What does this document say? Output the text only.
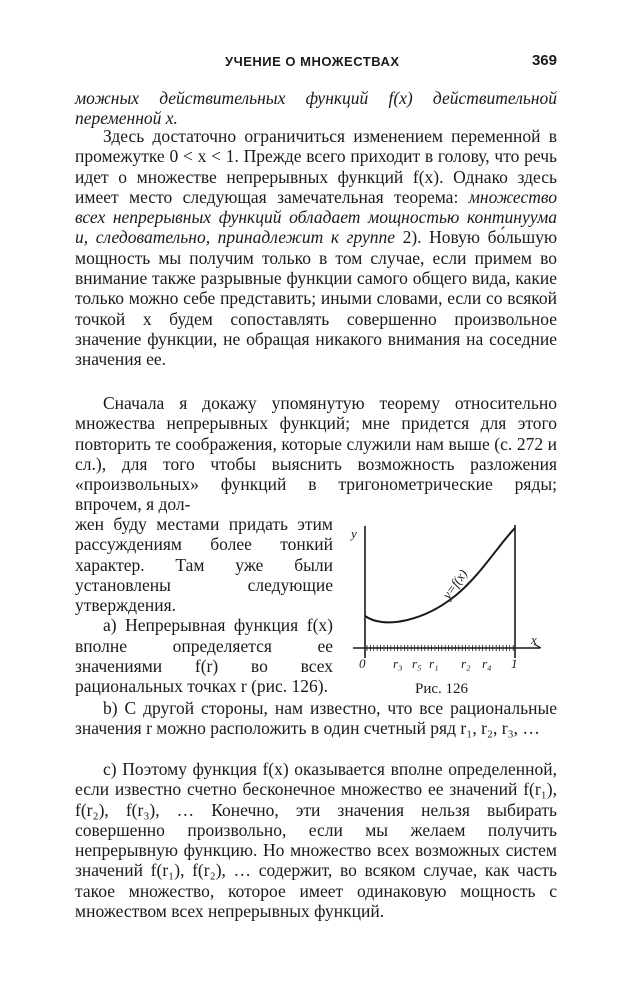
УЧЕНИЕ О МНОЖЕСТВАХ	369

можных действительных функций f(x) действительной переменной x.

Здесь достаточно ограничиться изменением переменной в промежутке 0 < x < 1. Прежде всего приходит в голову, что речь идет о множестве непрерывных функций f(x). Однако здесь имеет место следующая замечательная теорема: множество всех непрерывных функций обладает мощностью континуума и, следовательно, принадлежит к группе 2). Новую бо́льшую мощность мы получим только в том случае, если примем во внимание также разрывные функции самого общего вида, какие только можно себе представить; иными словами, если со всякой точкой x будем сопоставлять совершенно произвольное значение функции, не обращая никакого внимания на соседние значения ее.

Сначала я докажу упомянутую теорему относительно множества непрерывных функций; мне придется для этого повторить те соображения, которые служили нам выше (с. 272 и сл.), для того чтобы выяснить возможность разложения «произвольных» функций в тригонометрические ряды; впрочем, я дол-

жен буду местами придать этим рассуждениям более тонкий характер. Там уже были установлены следующие утверждения.

а) Непрерывная функция f(x) вполне определяется ее значениями f(r) во всех рациональных точках r (рис. 126).

y
x
y=f(x)
0 r₃ r₅ r₁ r₂ r₄ 1
Рис. 126

b) С другой стороны, нам известно, что все рациональные значения r можно расположить в один счетный ряд r₁, r₂, r₃, …

с) Поэтому функция f(x) оказывается вполне определенной, если известно счетно бесконечное множество ее значений f(r₁), f(r₂), f(r₃), … Конечно, эти значения нельзя выбирать совершенно произвольно, если мы желаем получить непрерывную функцию. Но множество всех возможных систем значений f(r₁), f(r₂), … содержит, во всяком случае, как часть такое множество, которое имеет одинаковую мощность с множеством всех непрерывных функций.
